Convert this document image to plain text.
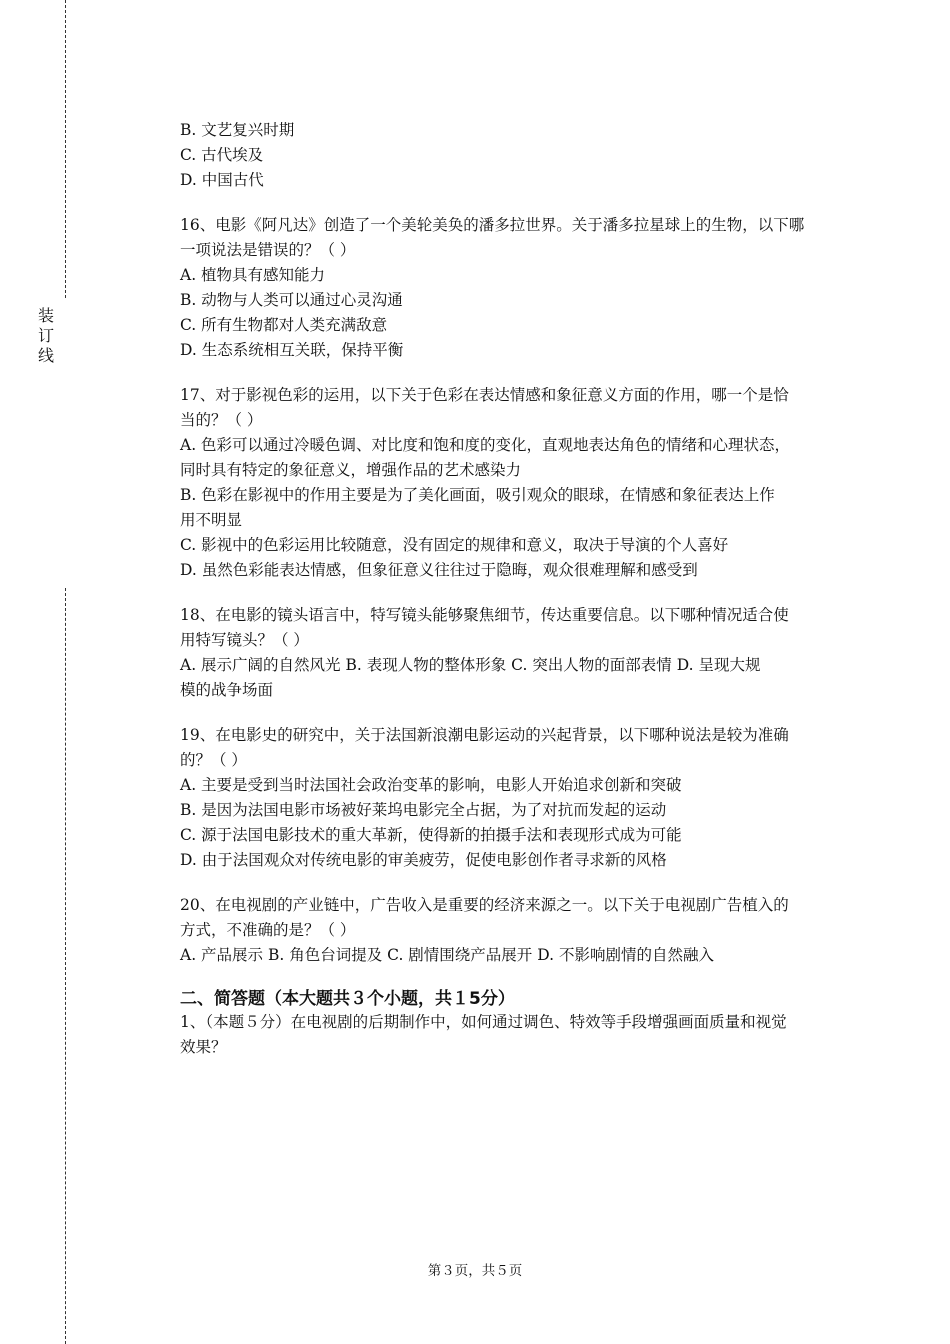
装
订
线
B. 文艺复兴时期
C. 古代埃及
D. 中国古代
16、电影《阿凡达》创造了一个美轮美奂的潘多拉世界。关于潘多拉星球上的生物，以下哪
一项说法是错误的？（ ）
A. 植物具有感知能力
B. 动物与人类可以通过心灵沟通
C. 所有生物都对人类充满敌意
D. 生态系统相互关联，保持平衡
17、对于影视色彩的运用，以下关于色彩在表达情感和象征意义方面的作用，哪一个是恰
当的？（ ）
A. 色彩可以通过冷暖色调、对比度和饱和度的变化，直观地表达角色的情绪和心理状态，
同时具有特定的象征意义，增强作品的艺术感染力
B. 色彩在影视中的作用主要是为了美化画面，吸引观众的眼球，在情感和象征表达上作
用不明显
C. 影视中的色彩运用比较随意，没有固定的规律和意义，取决于导演的个人喜好
D. 虽然色彩能表达情感，但象征意义往往过于隐晦，观众很难理解和感受到
18、在电影的镜头语言中，特写镜头能够聚焦细节，传达重要信息。以下哪种情况适合使
用特写镜头？（ ）
A. 展示广阔的自然风光 B. 表现人物的整体形象 C. 突出人物的面部表情 D. 呈现大规
模的战争场面
19、在电影史的研究中，关于法国新浪潮电影运动的兴起背景，以下哪种说法是较为准确
的？（ ）
A. 主要是受到当时法国社会政治变革的影响，电影人开始追求创新和突破
B. 是因为法国电影市场被好莱坞电影完全占据，为了对抗而发起的运动
C. 源于法国电影技术的重大革新，使得新的拍摄手法和表现形式成为可能
D. 由于法国观众对传统电影的审美疲劳，促使电影创作者寻求新的风格
20、在电视剧的产业链中，广告收入是重要的经济来源之一。以下关于电视剧广告植入的
方式，不准确的是？（ ）
A. 产品展示 B. 角色台词提及 C. 剧情围绕产品展开 D. 不影响剧情的自然融入
二、简答题（本大题共３个小题，共１5分）
1、（本题５分）在电视剧的后期制作中，如何通过调色、特效等手段增强画面质量和视觉
效果？
第３页，共５页
